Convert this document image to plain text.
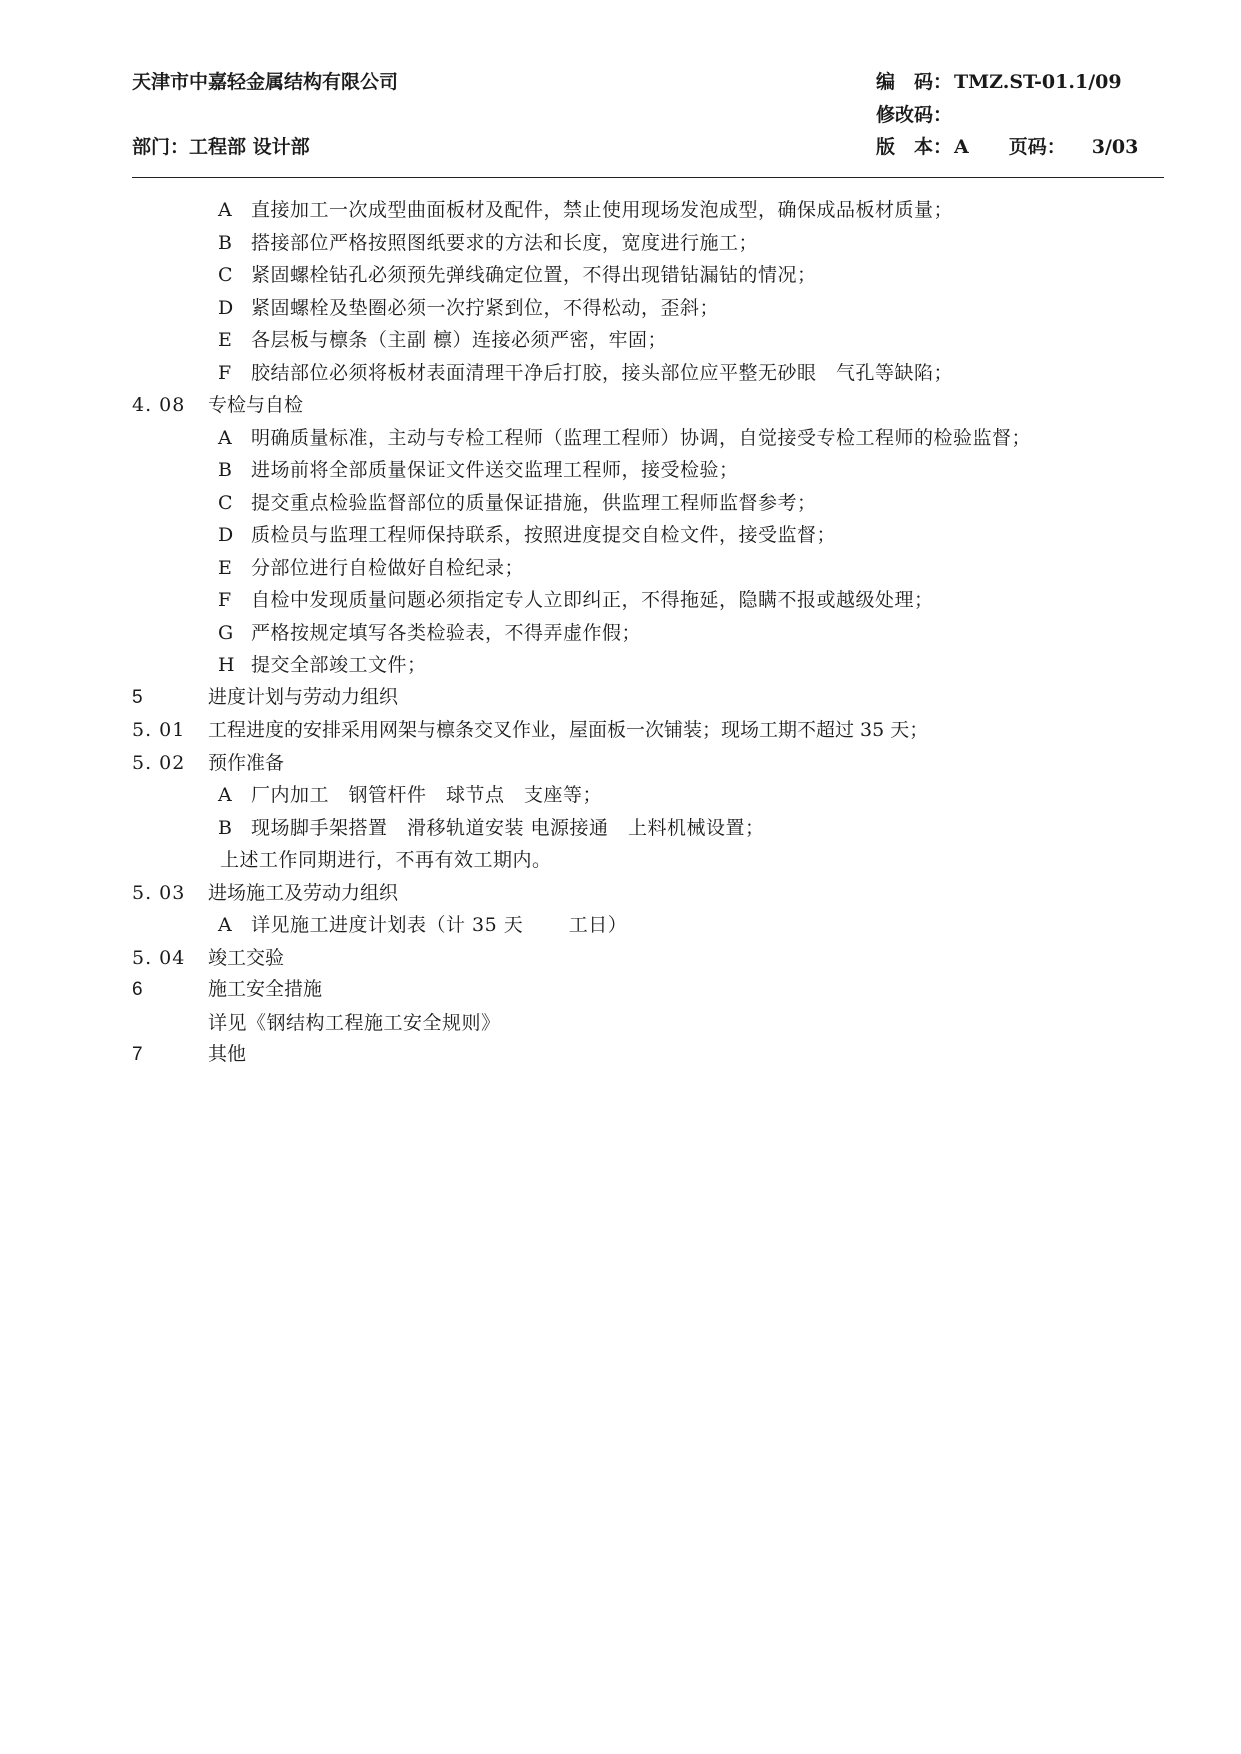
天津市中嘉轻金属结构有限公司
部门：工程部 设计部
编　码： TMZ.ST-01.1/09
修改码：
版　本： A 页码： 3/03
A 直接加工一次成型曲面板材及配件，禁止使用现场发泡成型，确保成品板材质量；
B 搭接部位严格按照图纸要求的方法和长度，宽度进行施工；
C 紧固螺栓钻孔必须预先弹线确定位置，不得出现错钻漏钻的情况；
D 紧固螺栓及垫圈必须一次拧紧到位，不得松动，歪斜；
E 各层板与檩条（主副 檩）连接必须严密，牢固；
F 胶结部位必须将板材表面清理干净后打胶，接头部位应平整无砂眼　气孔等缺陷；
4. 08 专检与自检
A 明确质量标准，主动与专检工程师（监理工程师）协调，自觉接受专检工程师的检验监督；
B 进场前将全部质量保证文件送交监理工程师，接受检验；
C 提交重点检验监督部位的质量保证措施，供监理工程师监督参考；
D 质检员与监理工程师保持联系，按照进度提交自检文件，接受监督；
E 分部位进行自检做好自检纪录；
F 自检中发现质量问题必须指定专人立即纠正，不得拖延，隐瞒不报或越级处理；
G 严格按规定填写各类检验表，不得弄虚作假；
H 提交全部竣工文件；
5	进度计划与劳动力组织
5. 01 工程进度的安排采用网架与檩条交叉作业，屋面板一次铺装；现场工期不超过 35 天；
5. 02 预作准备
A 厂内加工　钢管杆件　球节点　支座等；
B 现场脚手架搭置　滑移轨道安装 电源接通　上料机械设置；
上述工作同期进行，不再有效工期内。
5. 03 进场施工及劳动力组织
A 详见施工进度计划表（计 35 天　　 工日）
5. 04 竣工交验
6	施工安全措施
详见《钢结构工程施工安全规则》
7	其他
